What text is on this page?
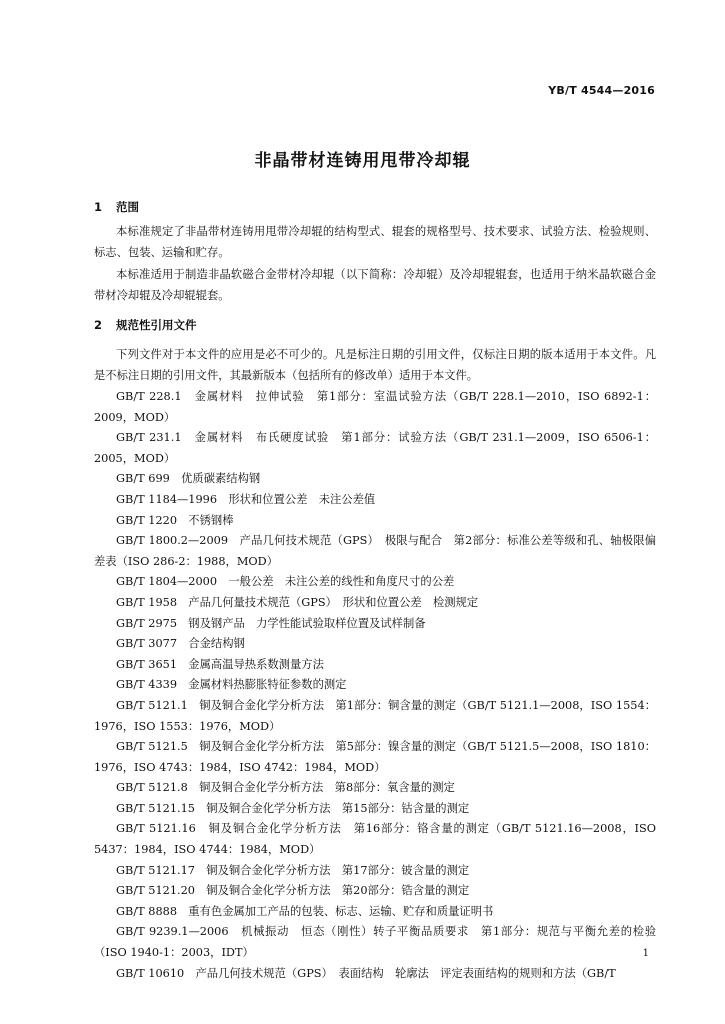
YB/T 4544—2016
非晶带材连铸用甩带冷却辊
1 范围
本标准规定了非晶带材连铸用甩带冷却辊的结构型式、辊套的规格型号、技术要求、试验方法、检验规则、标志、包装、运输和贮存。
本标准适用于制造非晶软磁合金带材冷却辊（以下简称：冷却辊）及冷却辊辊套，也适用于纳米晶软磁合金带材冷却辊及冷却辊辊套。
2 规范性引用文件
下列文件对于本文件的应用是必不可少的。凡是标注日期的引用文件，仅标注日期的版本适用于本文件。凡是不标注日期的引用文件，其最新版本（包括所有的修改单）适用于本文件。

GB/T 228.1　金属材料　拉伸试验　第1部分：室温试验方法（GB/T 228.1—2010，ISO 6892-1：2009，MOD）

GB/T 231.1　金属材料　布氏硬度试验　第1部分：试验方法（GB/T 231.1—2009，ISO 6506-1：2005，MOD）

GB/T 699　优质碳素结构钢

GB/T 1184—1996　形状和位置公差　未注公差值

GB/T 1220　不锈钢棒

GB/T 1800.2—2009　产品几何技术规范（GPS）　极限与配合　第2部分：标准公差等级和孔、轴极限偏差表（ISO 286-2：1988，MOD）

GB/T 1804—2000　一般公差　未注公差的线性和角度尺寸的公差

GB/T 1958　产品几何量技术规范（GPS）　形状和位置公差　检测规定

GB/T 2975　钢及钢产品　力学性能试验取样位置及试样制备

GB/T 3077　合金结构钢

GB/T 3651　金属高温导热系数测量方法

GB/T 4339　金属材料热膨胀特征参数的测定

GB/T 5121.1　铜及铜合金化学分析方法　第1部分：铜含量的测定（GB/T 5121.1—2008，ISO 1554：1976，ISO 1553：1976，MOD）

GB/T 5121.5　铜及铜合金化学分析方法　第5部分：镍含量的测定（GB/T 5121.5—2008，ISO 1810：1976，ISO 4743：1984，ISO 4742：1984，MOD）

GB/T 5121.8　铜及铜合金化学分析方法　第8部分：氧含量的测定

GB/T 5121.15　铜及铜合金化学分析方法　第15部分：钴含量的测定

GB/T 5121.16　铜及铜合金化学分析方法　第16部分：铬含量的测定（GB/T 5121.16—2008，ISO 5437：1984，ISO 4744：1984，MOD）

GB/T 5121.17　铜及铜合金化学分析方法　第17部分：铍含量的测定

GB/T 5121.20　铜及铜合金化学分析方法　第20部分：锆含量的测定

GB/T 8888　重有色金属加工产品的包装、标志、运输、贮存和质量证明书

GB/T 9239.1—2006　机械振动　恒态（刚性）转子平衡品质要求　第1部分：规范与平衡允差的检验（ISO 1940-1：2003，IDT）

GB/T 10610　产品几何技术规范（GPS）　表面结构　轮廓法　评定表面结构的规则和方法（GB/T

1
